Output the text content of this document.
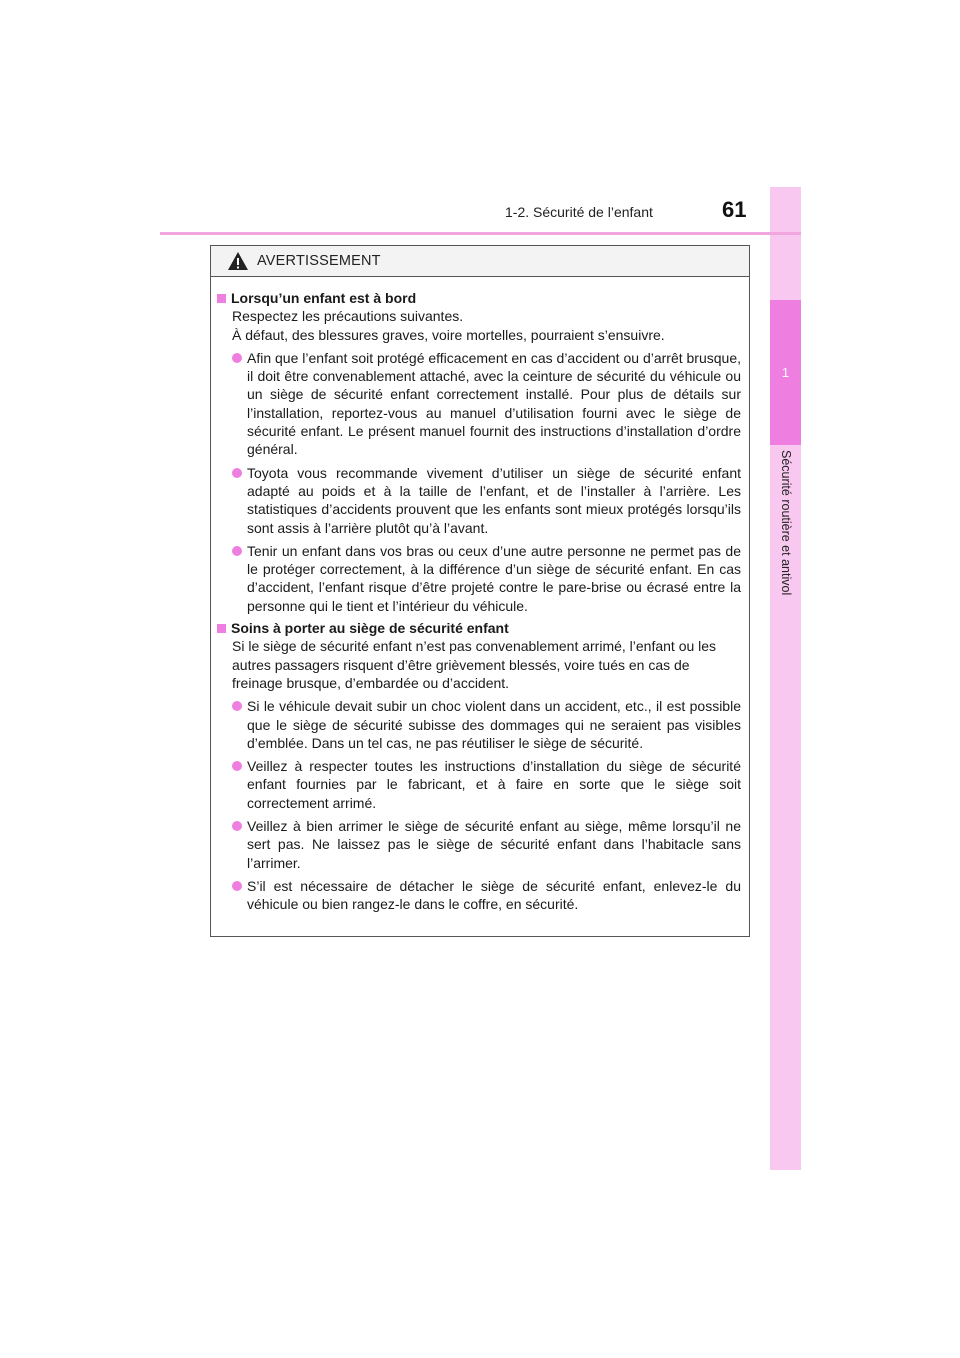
1
Sécurité routière et antivol
1-2. Sécurité de l’enfant	61
AVERTISSEMENT
Lorsqu’un enfant est à bord
Respectez les précautions suivantes.
À défaut, des blessures graves, voire mortelles, pourraient s’ensuivre.
Afin que l’enfant soit protégé efficacement en cas d’accident ou d’arrêt brusque, il doit être convenablement attaché, avec la ceinture de sécurité du véhicule ou un siège de sécurité enfant correctement installé. Pour plus de détails sur l’installation, reportez-vous au manuel d’utilisation fourni avec le siège de sécurité enfant. Le présent manuel fournit des instructions d’installation d’ordre général.
Toyota vous recommande vivement d’utiliser un siège de sécurité enfant adapté au poids et à la taille de l’enfant, et de l’installer à l’arrière. Les statistiques d’accidents prouvent que les enfants sont mieux protégés lorsqu’ils sont assis à l’arrière plutôt qu’à l’avant.
Tenir un enfant dans vos bras ou ceux d’une autre personne ne permet pas de le protéger correctement, à la différence d’un siège de sécurité enfant. En cas d’accident, l’enfant risque d’être projeté contre le pare-brise ou écrasé entre la personne qui le tient et l’intérieur du véhicule.
Soins à porter au siège de sécurité enfant
Si le siège de sécurité enfant n’est pas convenablement arrimé, l’enfant ou les autres passagers risquent d’être grièvement blessés, voire tués en cas de freinage brusque, d’embardée ou d’accident.
Si le véhicule devait subir un choc violent dans un accident, etc., il est possible que le siège de sécurité subisse des dommages qui ne seraient pas visibles d’emblée. Dans un tel cas, ne pas réutiliser le siège de sécurité.
Veillez à respecter toutes les instructions d’installation du siège de sécurité enfant fournies par le fabricant, et à faire en sorte que le siège soit correctement arrimé.
Veillez à bien arrimer le siège de sécurité enfant au siège, même lorsqu’il ne sert pas. Ne laissez pas le siège de sécurité enfant dans l’habitacle sans l’arrimer.
S’il est nécessaire de détacher le siège de sécurité enfant, enlevez-le du véhicule ou bien rangez-le dans le coffre, en sécurité.
